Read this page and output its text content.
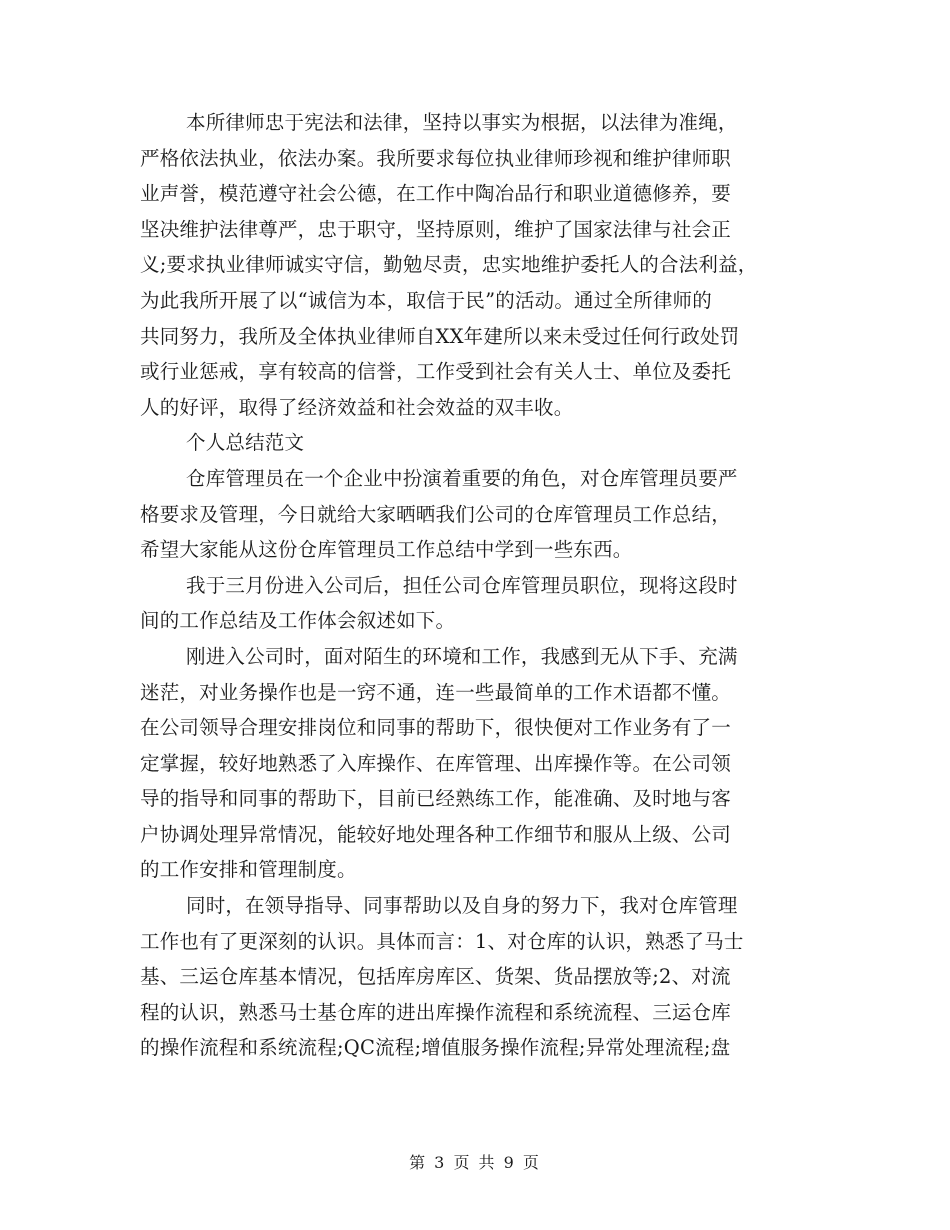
本所律师忠于宪法和法律，坚持以事实为根据，以法律为准绳，
严格依法执业，依法办案。我所要求每位执业律师珍视和维护律师职
业声誉，模范遵守社会公德，在工作中陶冶品行和职业道德修养，要
坚决维护法律尊严，忠于职守，坚持原则，维护了国家法律与社会正
义;要求执业律师诚实守信，勤勉尽责，忠实地维护委托人的合法利益，
为此我所开展了以“诚信为本，取信于民”的活动。通过全所律师的
共同努力，我所及全体执业律师自XX年建所以来未受过任何行政处罚
或行业惩戒，享有较高的信誉，工作受到社会有关人士、单位及委托
人的好评，取得了经济效益和社会效益的双丰收。
个人总结范文
仓库管理员在一个企业中扮演着重要的角色，对仓库管理员要严
格要求及管理，今日就给大家晒晒我们公司的仓库管理员工作总结，
希望大家能从这份仓库管理员工作总结中学到一些东西。
我于三月份进入公司后，担任公司仓库管理员职位，现将这段时
间的工作总结及工作体会叙述如下。
刚进入公司时，面对陌生的环境和工作，我感到无从下手、充满
迷茫，对业务操作也是一窍不通，连一些最简单的工作术语都不懂。
在公司领导合理安排岗位和同事的帮助下，很快便对工作业务有了一
定掌握，较好地熟悉了入库操作、在库管理、出库操作等。在公司领
导的指导和同事的帮助下，目前已经熟练工作，能准确、及时地与客
户协调处理异常情况，能较好地处理各种工作细节和服从上级、公司
的工作安排和管理制度。
同时，在领导指导、同事帮助以及自身的努力下，我对仓库管理
工作也有了更深刻的认识。具体而言：1、对仓库的认识，熟悉了马士
基、三运仓库基本情况，包括库房库区、货架、货品摆放等;2、对流
程的认识，熟悉马士基仓库的进出库操作流程和系统流程、三运仓库
的操作流程和系统流程;QC流程;增值服务操作流程;异常处理流程;盘
第 3 页 共 9 页
